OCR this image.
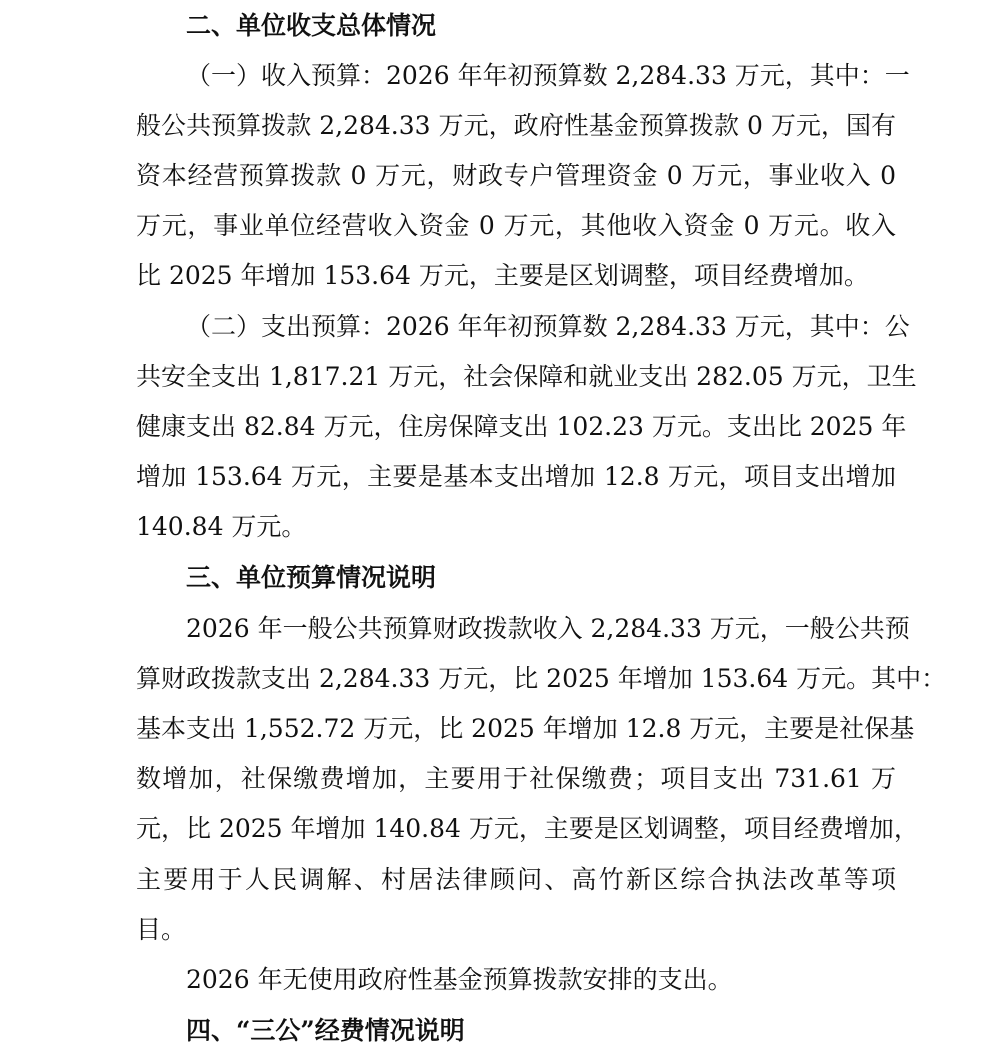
二、单位收支总体情况
（一）收入预算：2026 年年初预算数 2,284.33 万元，其中：一
般公共预算拨款 2,284.33 万元，政府性基金预算拨款 0 万元，国有
资本经营预算拨款 0 万元，财政专户管理资金 0 万元，事业收入 0
万元，事业单位经营收入资金 0 万元，其他收入资金 0 万元。收入
比 2025 年增加 153.64 万元，主要是区划调整，项目经费增加。
（二）支出预算：2026 年年初预算数 2,284.33 万元，其中：公
共安全支出 1,817.21 万元，社会保障和就业支出 282.05 万元，卫生
健康支出 82.84 万元，住房保障支出 102.23 万元。支出比 2025 年
增加 153.64 万元，主要是基本支出增加 12.8 万元，项目支出增加
140.84 万元。
三、单位预算情况说明
2026 年一般公共预算财政拨款收入 2,284.33 万元，一般公共预
算财政拨款支出 2,284.33 万元，比 2025 年增加 153.64 万元。其中：
基本支出 1,552.72 万元，比 2025 年增加 12.8 万元，主要是社保基
数增加，社保缴费增加，主要用于社保缴费；项目支出 731.61 万
元，比 2025 年增加 140.84 万元，主要是区划调整，项目经费增加，
主要用于人民调解、村居法律顾问、高竹新区综合执法改革等项
目。
2026 年无使用政府性基金预算拨款安排的支出。
四、“三公”经费情况说明
